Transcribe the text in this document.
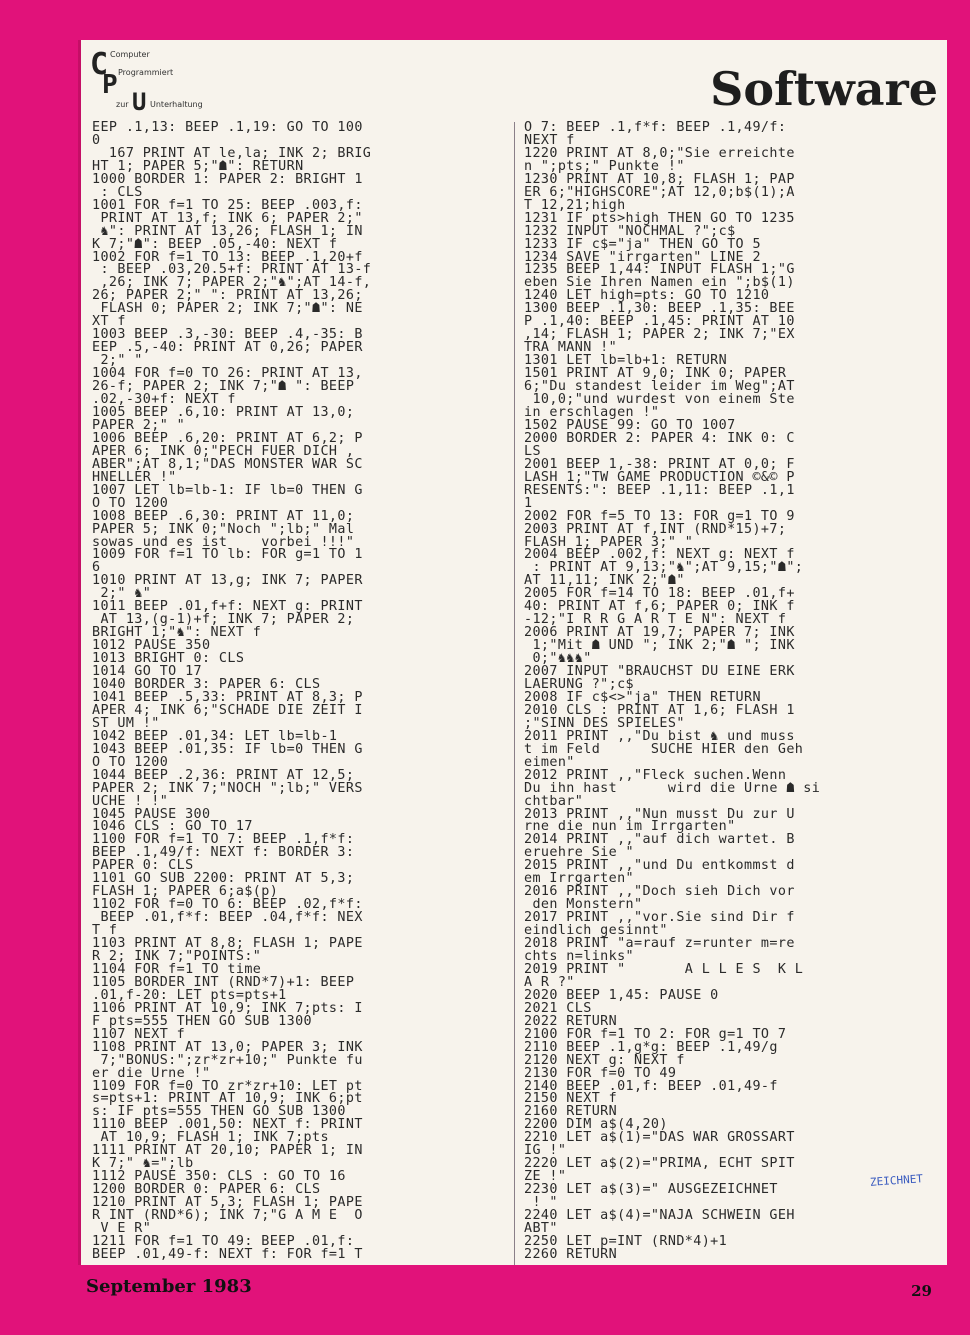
C
P
U
Computer
Programmiert
zur	Unterhaltung	Software
EEP .1,13: BEEP .1,19: GO TO 100
0
167 PRINT AT le,la; INK 2; BRIG
HT 1; PAPER 5;"☗": RETURN
1000 BORDER 1: PAPER 2: BRIGHT 1
: CLS
1001 FOR f=1 TO 25: BEEP .003,f:
PRINT AT 13,f; INK 6; PAPER 2;"
♞": PRINT AT 13,26; FLASH 1; IN
K 7;"☗": BEEP .05,-40: NEXT f
1002 FOR f=1 TO 13: BEEP .1,20+f
: BEEP .03,20.5+f: PRINT AT 13-f
,26; INK 7; PAPER 2;"♞";AT 14-f,
26; PAPER 2;" ": PRINT AT 13,26;
FLASH 0; PAPER 2; INK 7;"☗": NE
XT f
1003 BEEP .3,-30: BEEP .4,-35: B
EEP .5,-40: PRINT AT 0,26; PAPER
2;" "
1004 FOR f=0 TO 26: PRINT AT 13,
26-f; PAPER 2; INK 7;"☗ ": BEEP
.02,-30+f: NEXT f
1005 BEEP .6,10: PRINT AT 13,0;
PAPER 2;" "
1006 BEEP .6,20: PRINT AT 6,2; P
APER 6; INK 0;"PECH FUER DICH ,
ABER";AT 8,1;"DAS MONSTER WAR SC
HNELLER !"
1007 LET lb=lb-1: IF lb=0 THEN G
O TO 1200
1008 BEEP .6,30: PRINT AT 11,0;
PAPER 5; INK 0;"Noch ";lb;" Mal
sowas und es ist    vorbei !!!"
1009 FOR f=1 TO lb: FOR g=1 TO 1
6
1010 PRINT AT 13,g; INK 7; PAPER
2;" ♞"
1011 BEEP .01,f+f: NEXT g: PRINT
AT 13,(g-1)+f; INK 7; PAPER 2;
BRIGHT 1;"♞": NEXT f
1012 PAUSE 350
1013 BRIGHT 0: CLS
1014 GO TO 17
1040 BORDER 3: PAPER 6: CLS
1041 BEEP .5,33: PRINT AT 8,3; P
APER 4; INK 6;"SCHADE DIE ZEIT I
ST UM !"
1042 BEEP .01,34: LET lb=lb-1
1043 BEEP .01,35: IF lb=0 THEN G
O TO 1200
1044 BEEP .2,36: PRINT AT 12,5;
PAPER 2; INK 7;"NOCH ";lb;" VERS
UCHE ! !"
1045 PAUSE 300
1046 CLS : GO TO 17
1100 FOR f=1 TO 7: BEEP .1,f*f:
BEEP .1,49/f: NEXT f: BORDER 3:
PAPER 0: CLS
1101 GO SUB 2200: PRINT AT 5,3;
FLASH 1; PAPER 6;a$(p)
1102 FOR f=0 TO 6: BEEP .02,f*f:
BEEP .01,f*f: BEEP .04,f*f: NEX
T f
1103 PRINT AT 8,8; FLASH 1; PAPE
R 2; INK 7;"POINTS:"
1104 FOR f=1 TO time
1105 BORDER INT (RND*7)+1: BEEP
.01,f-20: LET pts=pts+1
1106 PRINT AT 10,9; INK 7;pts: I
F pts=555 THEN GO SUB 1300
1107 NEXT f
1108 PRINT AT 13,0; PAPER 3; INK
7;"BONUS:";zr*zr+10;" Punkte fu
er die Urne !"
1109 FOR f=0 TO zr*zr+10: LET pt
s=pts+1: PRINT AT 10,9; INK 6;pt
s: IF pts=555 THEN GO SUB 1300
1110 BEEP .001,50: NEXT f: PRINT
AT 10,9; FLASH 1; INK 7;pts
1111 PRINT AT 20,10; PAPER 1; IN
K 7;" ♞=";lb
1112 PAUSE 350: CLS : GO TO 16
1200 BORDER 0: PAPER 6: CLS
1210 PRINT AT 5,3; FLASH 1; PAPE
R INT (RND*6); INK 7;"G A M E  O
V E R"
1211 FOR f=1 TO 49: BEEP .01,f:
BEEP .01,49-f: NEXT f: FOR f=1 T
O 7: BEEP .1,f*f: BEEP .1,49/f:
NEXT f
1220 PRINT AT 8,0;"Sie erreichte
n ";pts;" Punkte !"
1230 PRINT AT 10,8; FLASH 1; PAP
ER 6;"HIGHSCORE";AT 12,0;b$(1);A
T 12,21;high
1231 IF pts>high THEN GO TO 1235
1232 INPUT "NOCHMAL ?";c$
1233 IF c$="ja" THEN GO TO 5
1234 SAVE "irrgarten" LINE 2
1235 BEEP 1,44: INPUT FLASH 1;"G
eben Sie Ihren Namen ein ";b$(1)
1240 LET high=pts: GO TO 1210
1300 BEEP .1,30: BEEP .1,35: BEE
P .1,40: BEEP .1,45: PRINT AT 10
,14; FLASH 1; PAPER 2; INK 7;"EX
TRA MANN !"
1301 LET lb=lb+1: RETURN
1501 PRINT AT 9,0; INK 0; PAPER
6;"Du standest leider im Weg";AT
10,0;"und wurdest von einem Ste
in erschlagen !"
1502 PAUSE 99: GO TO 1007
2000 BORDER 2: PAPER 4: INK 0: C
LS
2001 BEEP 1,-38: PRINT AT 0,0; F
LASH 1;"TW GAME PRODUCTION ©&© P
RESENTS:": BEEP .1,11: BEEP .1,1
1
2002 FOR f=5 TO 13: FOR g=1 TO 9
2003 PRINT AT f,INT (RND*15)+7;
FLASH 1; PAPER 3;" "
2004 BEEP .002,f: NEXT g: NEXT f
: PRINT AT 9,13;"♞";AT 9,15;"☗";
AT 11,11; INK 2;"☗"
2005 FOR f=14 TO 18: BEEP .01,f+
40: PRINT AT f,6; PAPER 0; INK f
-12;"I R R G A R T E N": NEXT f
2006 PRINT AT 19,7; PAPER 7; INK
1;"Mit ☗ UND "; INK 2;"☗ "; INK
0;"♞♞♞"
2007 INPUT "BRAUCHST DU EINE ERK
LAERUNG ?";c$
2008 IF c$<>"ja" THEN RETURN
2010 CLS : PRINT AT 1,6; FLASH 1
;"SINN DES SPIELES"
2011 PRINT ,,"Du bist ♞ und muss
t im Feld      SUCHE HIER den Geh
eimen"
2012 PRINT ,,"Fleck suchen.Wenn
Du ihn hast      wird die Urne ☗ si
chtbar"
2013 PRINT ,,"Nun musst Du zur U
rne die nun im Irrgarten"
2014 PRINT ,,"auf dich wartet. B
eruehre Sie "
2015 PRINT ,,"und Du entkommst d
em Irrgarten"
2016 PRINT ,,"Doch sieh Dich vor
den Monstern"
2017 PRINT ,,"vor.Sie sind Dir f
eindlich gesinnt"
2018 PRINT "a=rauf z=runter m=re
chts n=links"
2019 PRINT "       A L L E S  K L
A R ?"
2020 BEEP 1,45: PAUSE 0
2021 CLS
2022 RETURN
2100 FOR f=1 TO 2: FOR g=1 TO 7
2110 BEEP .1,g*g: BEEP .1,49/g
2120 NEXT g: NEXT f
2130 FOR f=0 TO 49
2140 BEEP .01,f: BEEP .01,49-f
2150 NEXT f
2160 RETURN
2200 DIM a$(4,20)
2210 LET a$(1)="DAS WAR GROSSART
IG !"
2220 LET a$(2)="PRIMA, ECHT SPIT
ZE !"
2230 LET a$(3)=" AUSGEZEICHNET
! "
2240 LET a$(4)="NAJA SCHWEIN GEH
ABT"
2250 LET p=INT (RND*4)+1
2260 RETURN
ZEICHNET
September 1983	29
